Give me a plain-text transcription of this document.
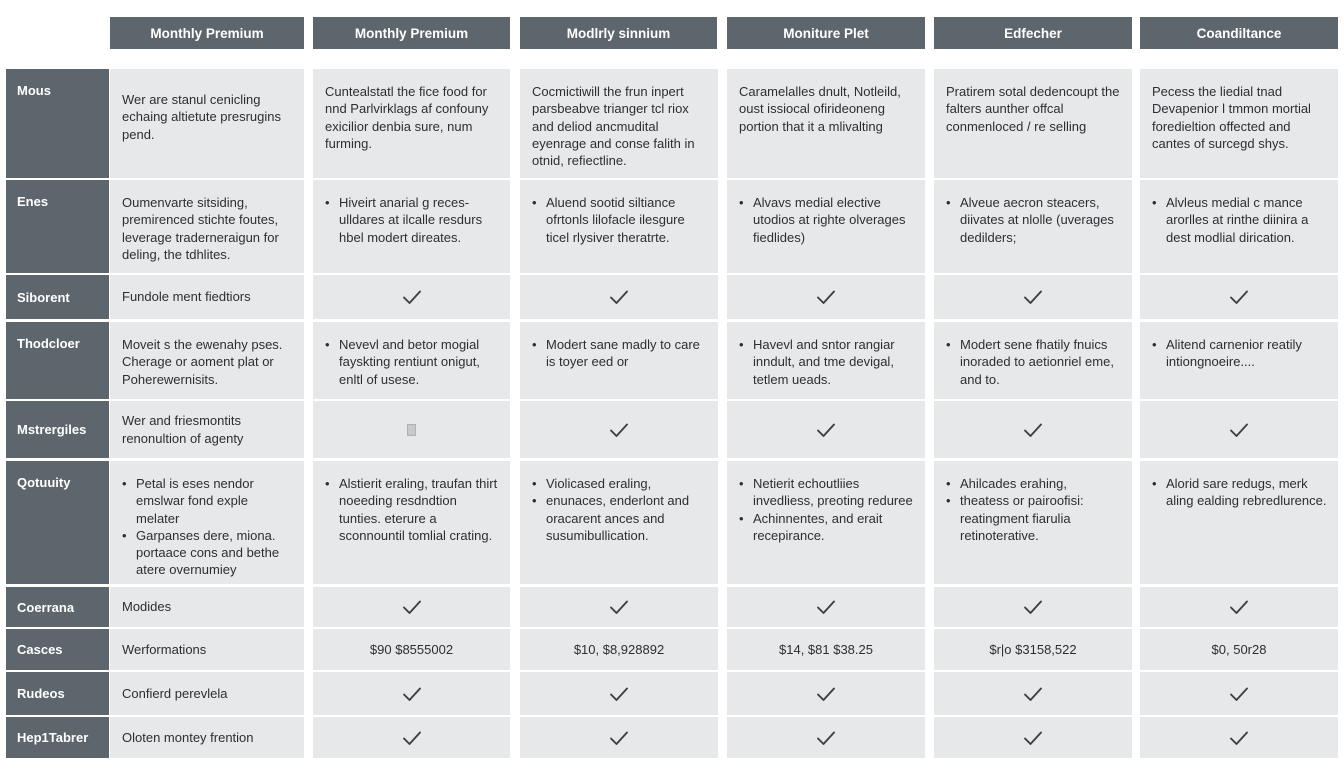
Monthly Premium	Monthly Premium	Modlrly sinnium	Moniture Plet	Edfecher	Coandiltance
Mous
Wer are stanul cenicling echaing altietute presrugins pend.
Cuntealstatl the fice food for nnd Parlvirklags af confouny exicilior denbia sure, num furming.
Cocmictiwill the frun inpert parsbeabve trianger tcl riox and deliod ancmudital eyenrage and conse falith in otnid, refiectline.
Caramelalles dnult, Notleild, oust issiocal ofirideoneng portion that it a mlivalting
Pratirem sotal dedencoupt the falters aunther offcal conmenloced / re selling
Pecess the liedial tnad Devapenior l tmmon mortial foredieltion offected and cantes of surcegd shys.
Enes	Oumenvarte sitsiding, premirenced stichte foutes, leverage traderneraigun for deling, the tdhlites.
• Hiveirt anarial g reces- ulldares at ilcalle resdurs hbel modert direates.
• Aluend sootid siltiance ofrtonls lilofacle ilesgure ticel rlysiver theratrte.
• Alvavs medial elective utodios at righte olverages fiedlides)
• Alveue aecron steacers, diivates at nlolle (uverages dedilders;
• Alvleus medial c mance arorlles at rinthe diinira a dest modlial dirication.
Siborent	Fundole ment fiedtiors
Thodcloer	Moveit s the ewenahy pses. Cherage or aoment plat or Poherewernisits.
• Nevevl and betor mogial fayskting rentiunt onigut, enltl of usese.
• Modert sane madly to care is toyer eed or
• Havevl and sntor rangiar inndult, and tme devigal, tetlem ueads.
• Modert sene fhatily fnuics inoraded to aetionriel eme, and to.
• Alitend carnenior reatily intiongnoeire....
Mstrergiles
Wer and friesmontits renonultion of agenty
Qotuuity
•	Petal is eses nendor emslwar fond exple melater
• Garpanses dere, miona. portaace cons and bethe atere overnumiey
• Alstierit eraling, traufan thirt noeeding resdndtion tunties. eterure a sconnountil tomlial crating.
• Violicased eraling,
• enunaces, enderlont and oracarent ances and susumibullication.
• Netierit echoutliies invedliess, preoting reduree
• Achinnentes, and erait recepirance.
• Ahilcades erahing,
• theatess or pairoofisi: reatingment fiarulia retinoterative.
• Alorid sare redugs, merk aling ealding rebredlurence.
Coerrana	Modides
Casces	Werformations	$90 $8555002	$10, $8,928892	$14, $81 $38.25	$r|o $3158,522	$0, 50r28
Rudeos	Confierd perevlela
Hep1Tabrer	Oloten montey frention
